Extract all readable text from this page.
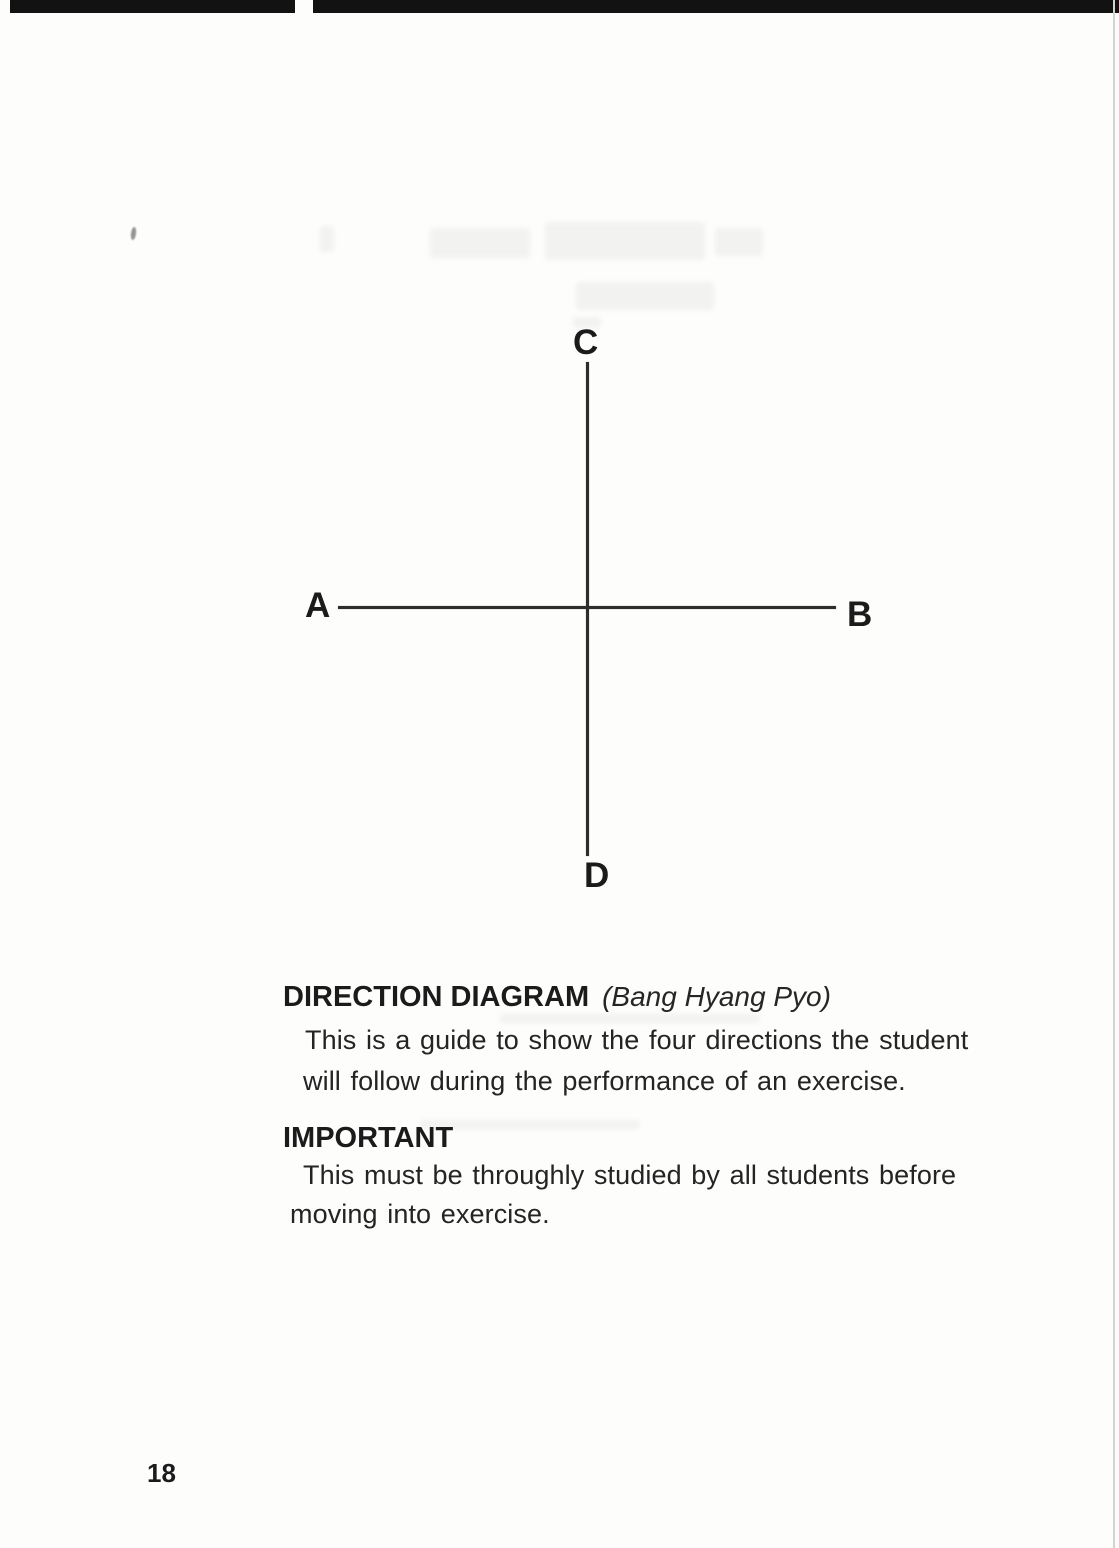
C
A	B
D
DIRECTION DIAGRAM (Bang Hyang Pyo)
This is a guide to show the four directions the student
will follow during the performance of an exercise.
IMPORTANT
This must be throughly studied by all students before
moving into exercise.
18
